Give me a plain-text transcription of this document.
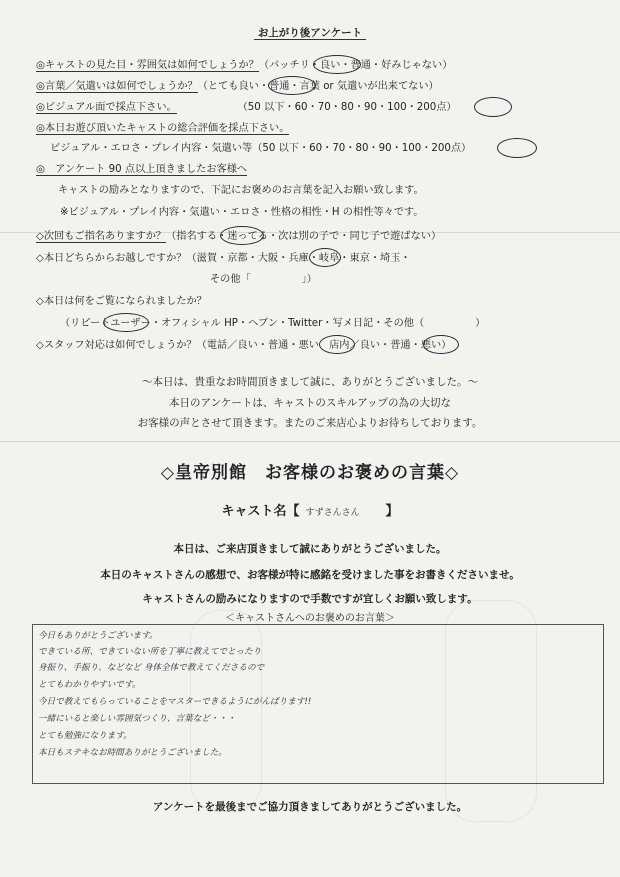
お上がり後アンケート
◎キャストの見た目・雰囲気は如何でしょうか？（バッチリ・良い・普通・好みじゃない）
◎言葉／気遣いは如何でしょうか？（とても良い・普通・言葉 or 気遣いが出来てない）
◎ビジュアル面で採点下さい。	（50 以下・60・70・80・90・100・200点）
◎本日お遊び頂いたキャストの総合評価を採点下さい。
ビジュアル・エロさ・プレイ内容・気遣い等（50 以下・60・70・80・90・100・200点）
◎　アンケート 90 点以上頂きましたお客様へ
キャストの励みとなりますので、下記にお褒めのお言葉を記入お願い致します。
※ビジュアル・プレイ内容・気遣い・エロさ・性格の相性・H の相性等々です。
◇次回もご指名ありますか？（指名する・迷ってる・次は別の子で・同じ子で遊ばない）
◇本日どちらからお越しですか？（滋賀・京都・大阪・兵庫・岐阜・東京・埼玉・
その他「　　　　　」）
◇本日は何をご覧になられましたか？
（リピートユーザー・オフィシャル HP・ヘブン・Twitter・写メ日記・その他（　　　　　）
◇スタッフ対応は如何でしょうか？（電話／良い・普通・悪い　店内／良い・普通・悪い）
～本日は、貴重なお時間頂きまして誠に、ありがとうございました。～
本日のアンケートは、キャストのスキルアップの為の大切な
お客様の声とさせて頂きます。またのご来店心よりお待ちしております。
◇皇帝別館　お客様のお褒めの言葉◇
キャスト名【 すずさんさん 】
本日は、ご来店頂きまして誠にありがとうございました。
本日のキャストさんの感想で、お客様が特に感銘を受けました事をお書きくださいませ。
キャストさんの励みになりますので手数ですが宜しくお願い致します。
＜キャストさんへのお褒めのお言葉＞
今日もありがとうございます。
できている所、できていない所を丁寧に教えてでとったり
身振り、手振り、などなど 身体全体で教えてくださるので
とてもわかりやすいです。
今日で教えてもらっていることをマスターできるようにがんばります!!
一緒にいると楽しい雰囲気つくり、言葉など・・・
とても勉強になります。
本日もステキなお時間ありがとうございました。
アンケートを最後までご協力頂きましてありがとうございました。
